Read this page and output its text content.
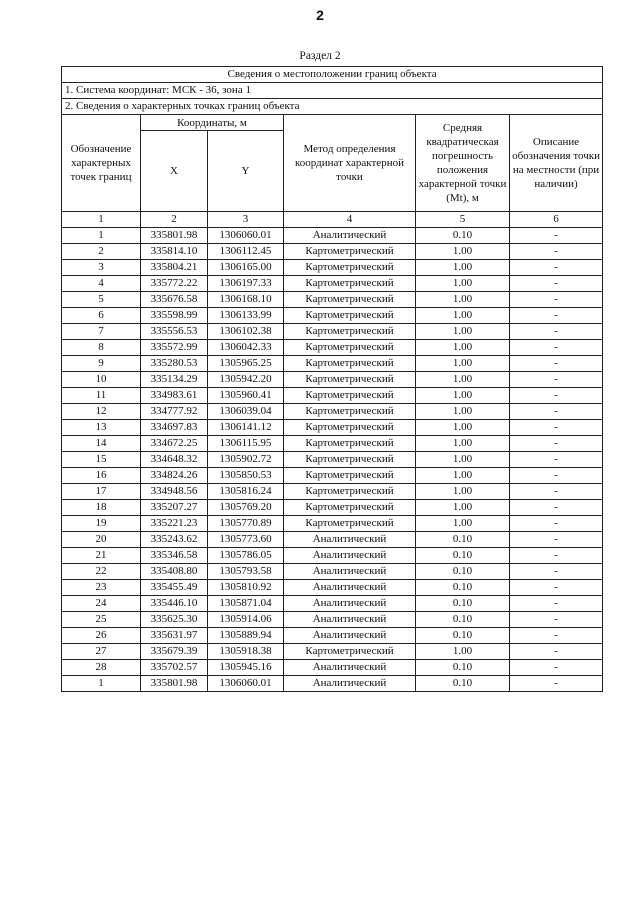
2
Раздел 2
Сведения о местоположении границ объекта					
1. Система координат: МСК - 36, зона 1					
2. Сведения о характерных точках границ объекта					
Обозначение характерных точек границ	Координаты, м		Метод определения координат характерной точки	Средняя квадратическая погрешность положения характерной точки (Mt), м	Описание обозначения точки на местности (при наличии)
	X	Y			
1	2	3	4	5	6
1	335801.98	1306060.01	Аналитический	0.10	-
2	335814.10	1306112.45	Картометрический	1.00	-
3	335804.21	1306165.00	Картометрический	1.00	-
4	335772.22	1306197.33	Картометрический	1.00	-
5	335676.58	1306168.10	Картометрический	1.00	-
6	335598.99	1306133.99	Картометрический	1.00	-
7	335556.53	1306102.38	Картометрический	1.00	-
8	335572.99	1306042.33	Картометрический	1.00	-
9	335280.53	1305965.25	Картометрический	1.00	-
10	335134.29	1305942.20	Картометрический	1.00	-
11	334983.61	1305960.41	Картометрический	1.00	-
12	334777.92	1306039.04	Картометрический	1.00	-
13	334697.83	1306141.12	Картометрический	1.00	-
14	334672.25	1306115.95	Картометрический	1.00	-
15	334648.32	1305902.72	Картометрический	1.00	-
16	334824.26	1305850.53	Картометрический	1.00	-
17	334948.56	1305816.24	Картометрический	1.00	-
18	335207.27	1305769.20	Картометрический	1.00	-
19	335221.23	1305770.89	Картометрический	1.00	-
20	335243.62	1305773.60	Аналитический	0.10	-
21	335346.58	1305786.05	Аналитический	0.10	-
22	335408.80	1305793.58	Аналитический	0.10	-
23	335455.49	1305810.92	Аналитический	0.10	-
24	335446.10	1305871.04	Аналитический	0.10	-
25	335625.30	1305914.06	Аналитический	0.10	-
26	335631.97	1305889.94	Аналитический	0.10	-
27	335679.39	1305918.38	Картометрический	1.00	-
28	335702.57	1305945.16	Аналитический	0.10	-
1	335801.98	1306060.01	Аналитический	0.10	-
